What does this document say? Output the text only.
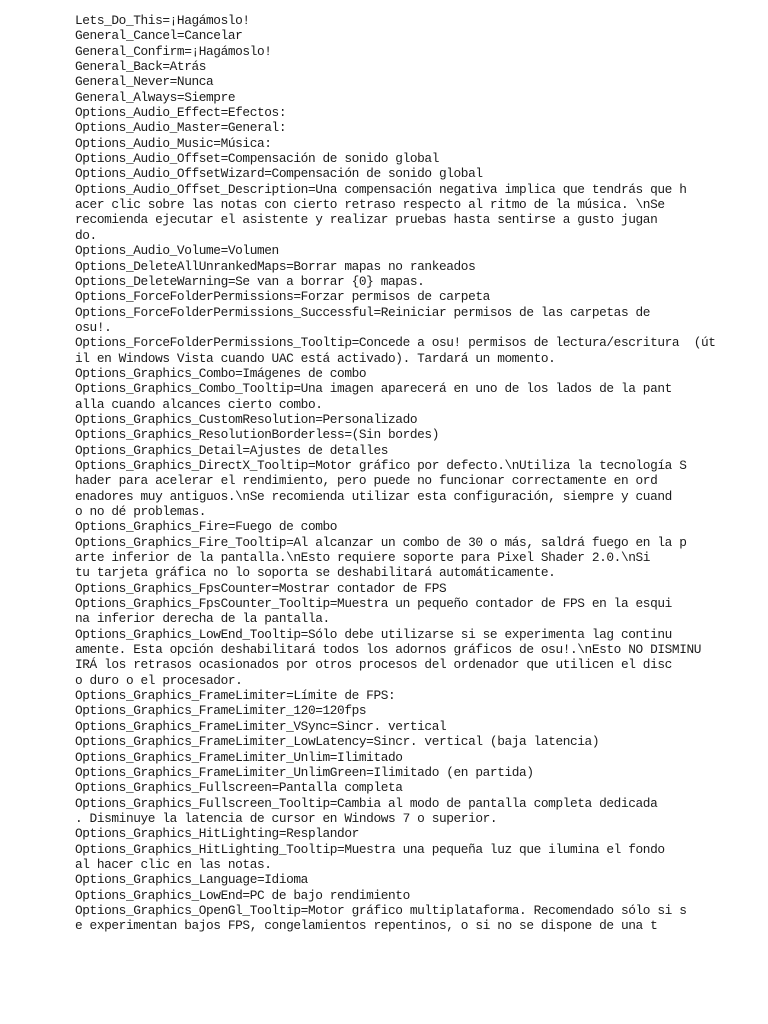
Lets_Do_This=¡Hagámoslo!
General_Cancel=Cancelar
General_Confirm=¡Hagámoslo!
General_Back=Atrás
General_Never=Nunca
General_Always=Siempre
Options_Audio_Effect=Efectos:
Options_Audio_Master=General:
Options_Audio_Music=Música:
Options_Audio_Offset=Compensación de sonido global
Options_Audio_OffsetWizard=Compensación de sonido global
Options_Audio_Offset_Description=Una compensación negativa implica que tendrás que h
acer clic sobre las notas con cierto retraso respecto al ritmo de la música. \nSe
recomienda ejecutar el asistente y realizar pruebas hasta sentirse a gusto jugan
do.
Options_Audio_Volume=Volumen
Options_DeleteAllUnrankedMaps=Borrar mapas no rankeados
Options_DeleteWarning=Se van a borrar {0} mapas.
Options_ForceFolderPermissions=Forzar permisos de carpeta
Options_ForceFolderPermissions_Successful=Reiniciar permisos de las carpetas de
osu!.
Options_ForceFolderPermissions_Tooltip=Concede a osu! permisos de lectura/escritura  (út
il en Windows Vista cuando UAC está activado). Tardará un momento.
Options_Graphics_Combo=Imágenes de combo
Options_Graphics_Combo_Tooltip=Una imagen aparecerá en uno de los lados de la pant
alla cuando alcances cierto combo.
Options_Graphics_CustomResolution=Personalizado
Options_Graphics_ResolutionBorderless=(Sin bordes)
Options_Graphics_Detail=Ajustes de detalles
Options_Graphics_DirectX_Tooltip=Motor gráfico por defecto.\nUtiliza la tecnología S
hader para acelerar el rendimiento, pero puede no funcionar correctamente en ord
enadores muy antiguos.\nSe recomienda utilizar esta configuración, siempre y cuand
o no dé problemas.
Options_Graphics_Fire=Fuego de combo
Options_Graphics_Fire_Tooltip=Al alcanzar un combo de 30 o más, saldrá fuego en la p
arte inferior de la pantalla.\nEsto requiere soporte para Pixel Shader 2.0.\nSi
tu tarjeta gráfica no lo soporta se deshabilitará automáticamente.
Options_Graphics_FpsCounter=Mostrar contador de FPS
Options_Graphics_FpsCounter_Tooltip=Muestra un pequeño contador de FPS en la esqui
na inferior derecha de la pantalla.
Options_Graphics_LowEnd_Tooltip=Sólo debe utilizarse si se experimenta lag continu
amente. Esta opción deshabilitará todos los adornos gráficos de osu!.\nEsto NO DISMINU
IRÁ los retrasos ocasionados por otros procesos del ordenador que utilicen el disc
o duro o el procesador.
Options_Graphics_FrameLimiter=Límite de FPS:
Options_Graphics_FrameLimiter_120=120fps
Options_Graphics_FrameLimiter_VSync=Sincr. vertical
Options_Graphics_FrameLimiter_LowLatency=Sincr. vertical (baja latencia)
Options_Graphics_FrameLimiter_Unlim=Ilimitado
Options_Graphics_FrameLimiter_UnlimGreen=Ilimitado (en partida)
Options_Graphics_Fullscreen=Pantalla completa
Options_Graphics_Fullscreen_Tooltip=Cambia al modo de pantalla completa dedicada
. Disminuye la latencia de cursor en Windows 7 o superior.
Options_Graphics_HitLighting=Resplandor
Options_Graphics_HitLighting_Tooltip=Muestra una pequeña luz que ilumina el fondo
al hacer clic en las notas.
Options_Graphics_Language=Idioma
Options_Graphics_LowEnd=PC de bajo rendimiento
Options_Graphics_OpenGl_Tooltip=Motor gráfico multiplataforma. Recomendado sólo si s
e experimentan bajos FPS, congelamientos repentinos, o si no se dispone de una t
